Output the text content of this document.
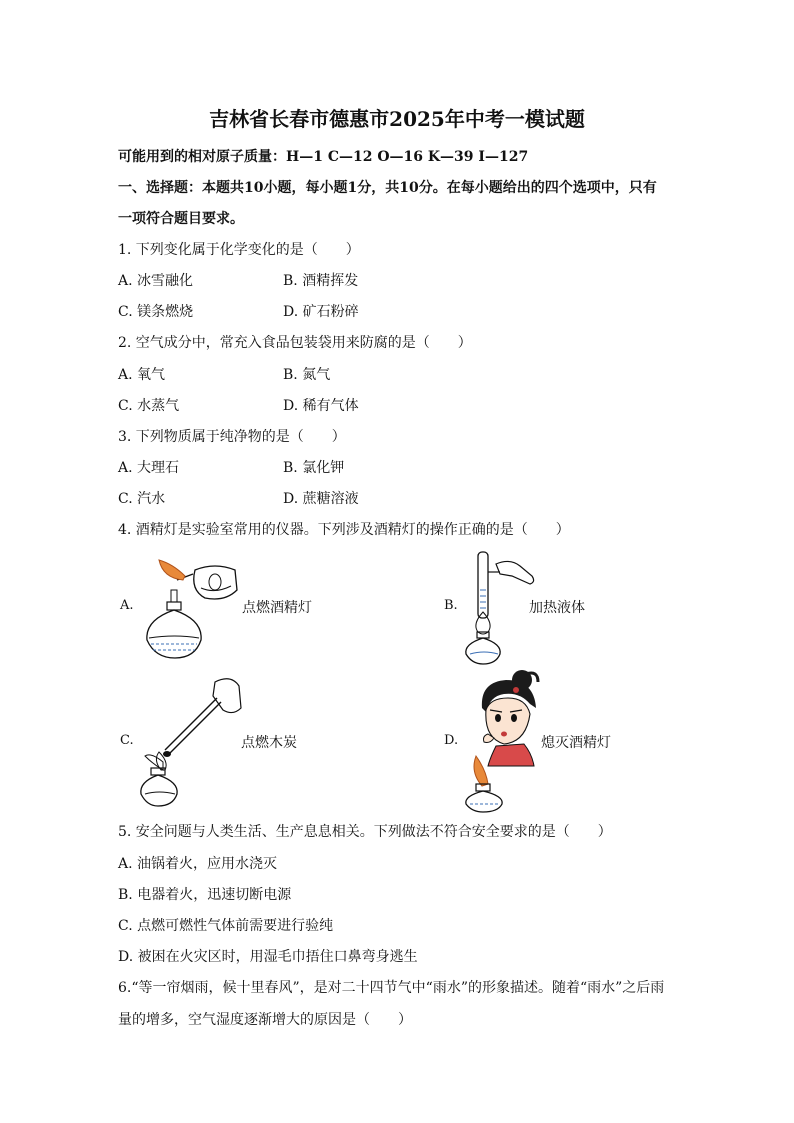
吉林省长春市德惠市2025年中考一模试题
可能用到的相对原子质量：H—1 C—12 O—16 K—39 I—127
一、选择题：本题共10小题，每小题1分，共10分。在每小题给出的四个选项中，只有
一项符合题目要求。
1. 下列变化属于化学变化的是（　　）
A. 冰雪融化	B. 酒精挥发
C. 镁条燃烧	D. 矿石粉碎
2. 空气成分中，常充入食品包装袋用来防腐的是（　　）
A. 氧气	B. 氮气
C. 水蒸气	D. 稀有气体
3. 下列物质属于纯净物的是（　　）
A. 大理石	B. 氯化钾
C. 汽水	D. 蔗糖溶液
4. 酒精灯是实验室常用的仪器。下列涉及酒精灯的操作正确的是（　　）
A.	点燃酒精灯	B.	加热液体
C.	点燃木炭	D.	熄灭酒精灯
5. 安全问题与人类生活、生产息息相关。下列做法不符合安全要求的是（　　）
A. 油锅着火，应用水浇灭
B. 电器着火，迅速切断电源
C. 点燃可燃性气体前需要进行验纯
D. 被困在火灾区时，用湿毛巾捂住口鼻弯身逃生
6.“等一帘烟雨，候十里春风”，是对二十四节气中“雨水”的形象描述。随着“雨水”之后雨
量的增多，空气湿度逐渐增大的原因是（　　）
